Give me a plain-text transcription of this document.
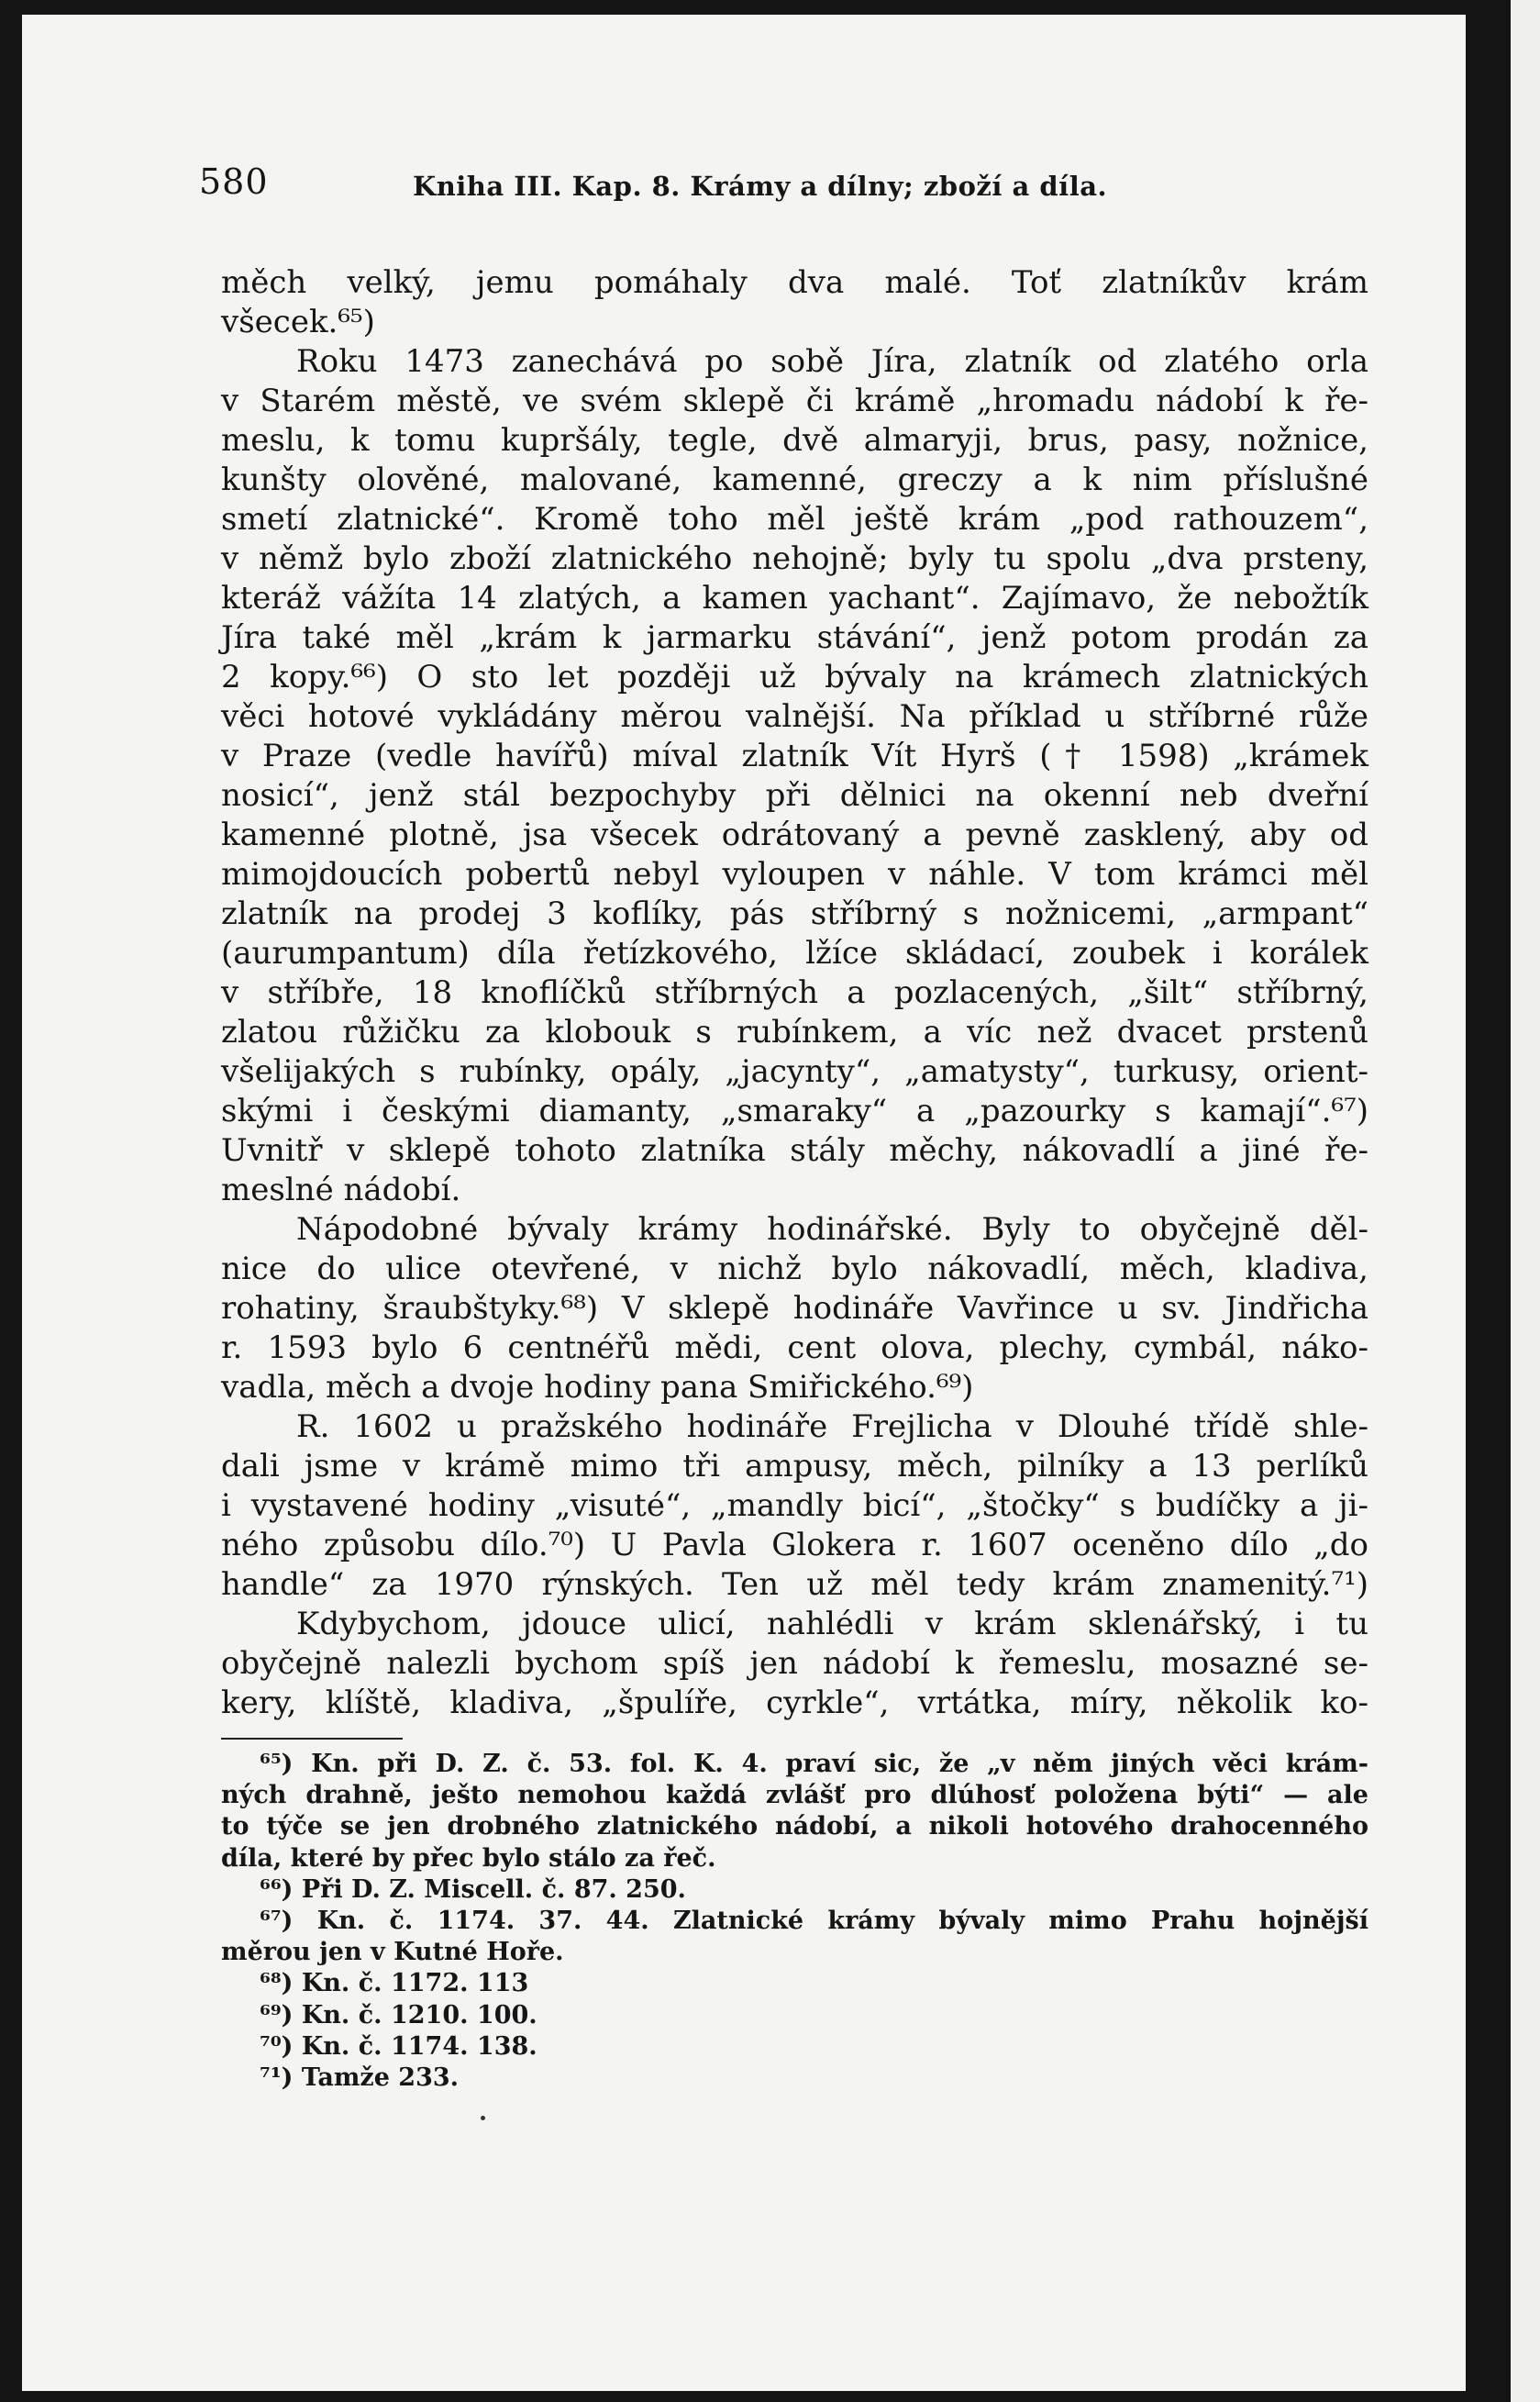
580	Kniha III. Kap. 8. Krámy a dílny; zboží a díla.
měch velký, jemu pomáhaly dva malé. Toť zlatníkův krám
všecek.⁶⁵)
Roku 1473 zanechává po sobě Jíra, zlatník od zlatého orla
v Starém městě, ve svém sklepě či krámě „hromadu nádobí k ře-
meslu, k tomu kupršály, tegle, dvě almaryji, brus, pasy, nožnice,
kunšty olověné, malované, kamenné, greczy a k nim příslušné
smetí zlatnické“. Kromě toho měl ještě krám „pod rathouzem“,
v němž bylo zboží zlatnického nehojně; byly tu spolu „dva prsteny,
kteráž vážíta 14 zlatých, a kamen yachant“. Zajímavo, že nebožtík
Jíra také měl „krám k jarmarku stávání“, jenž potom prodán za
2 kopy.⁶⁶) O sto let později už bývaly na krámech zlatnických
věci hotové vykládány měrou valnější. Na příklad u stříbrné růže
v Praze (vedle havířů) míval zlatník Vít Hyrš († 1598) „krámek
nosicí“, jenž stál bezpochyby při dělnici na okenní neb dveřní
kamenné plotně, jsa všecek odrátovaný a pevně zasklený, aby od
mimojdoucích pobertů nebyl vyloupen v náhle. V tom krámci měl
zlatník na prodej 3 koflíky, pás stříbrný s nožnicemi, „armpant“
(aurumpantum) díla řetízkového, lžíce skládací, zoubek i korálek
v stříbře, 18 knoflíčků stříbrných a pozlacených, „šilt“ stříbrný,
zlatou růžičku za klobouk s rubínkem, a víc než dvacet prstenů
všelijakých s rubínky, opály, „jacynty“, „amatysty“, turkusy, orient-
skými i českými diamanty, „smaraky“ a „pazourky s kamají“.⁶⁷)
Uvnitř v sklepě tohoto zlatníka stály měchy, nákovadlí a jiné ře-
meslné nádobí.
Nápodobné bývaly krámy hodinářské. Byly to obyčejně děl-
nice do ulice otevřené, v nichž bylo nákovadlí, měch, kladiva,
rohatiny, šraubštyky.⁶⁸) V sklepě hodináře Vavřince u sv. Jindřicha
r. 1593 bylo 6 centnéřů mědi, cent olova, plechy, cymbál, náko-
vadla, měch a dvoje hodiny pana Smiřického.⁶⁹)
R. 1602 u pražského hodináře Frejlicha v Dlouhé třídě shle-
dali jsme v krámě mimo tři ampusy, měch, pilníky a 13 perlíků
i vystavené hodiny „visuté“, „mandly bicí“, „štočky“ s budíčky a ji-
ného způsobu dílo.⁷⁰) U Pavla Glokera r. 1607 oceněno dílo „do
handle“ za 1970 rýnských. Ten už měl tedy krám znamenitý.⁷¹)
Kdybychom, jdouce ulicí, nahlédli v krám sklenářský, i tu
obyčejně nalezli bychom spíš jen nádobí k řemeslu, mosazné se-
kery, klíště, kladiva, „špulíře, cyrkle“, vrtátka, míry, několik ko-
⁶⁵) Kn. při D. Z. č. 53. fol. K. 4. praví sic, že „v něm jiných věci krám-
ných drahně, ješto nemohou každá zvlášť pro dlúhosť položena býti“ — ale
to týče se jen drobného zlatnického nádobí, a nikoli hotového drahocenného
díla, které by přec bylo stálo za řeč.
⁶⁶) Při D. Z. Miscell. č. 87. 250.
⁶⁷) Kn. č. 1174. 37. 44. Zlatnické krámy bývaly mimo Prahu hojnější
měrou jen v Kutné Hoře.
⁶⁸) Kn. č. 1172. 113
⁶⁹) Kn. č. 1210. 100.
⁷⁰) Kn. č. 1174. 138.
⁷¹) Tamže 233.
